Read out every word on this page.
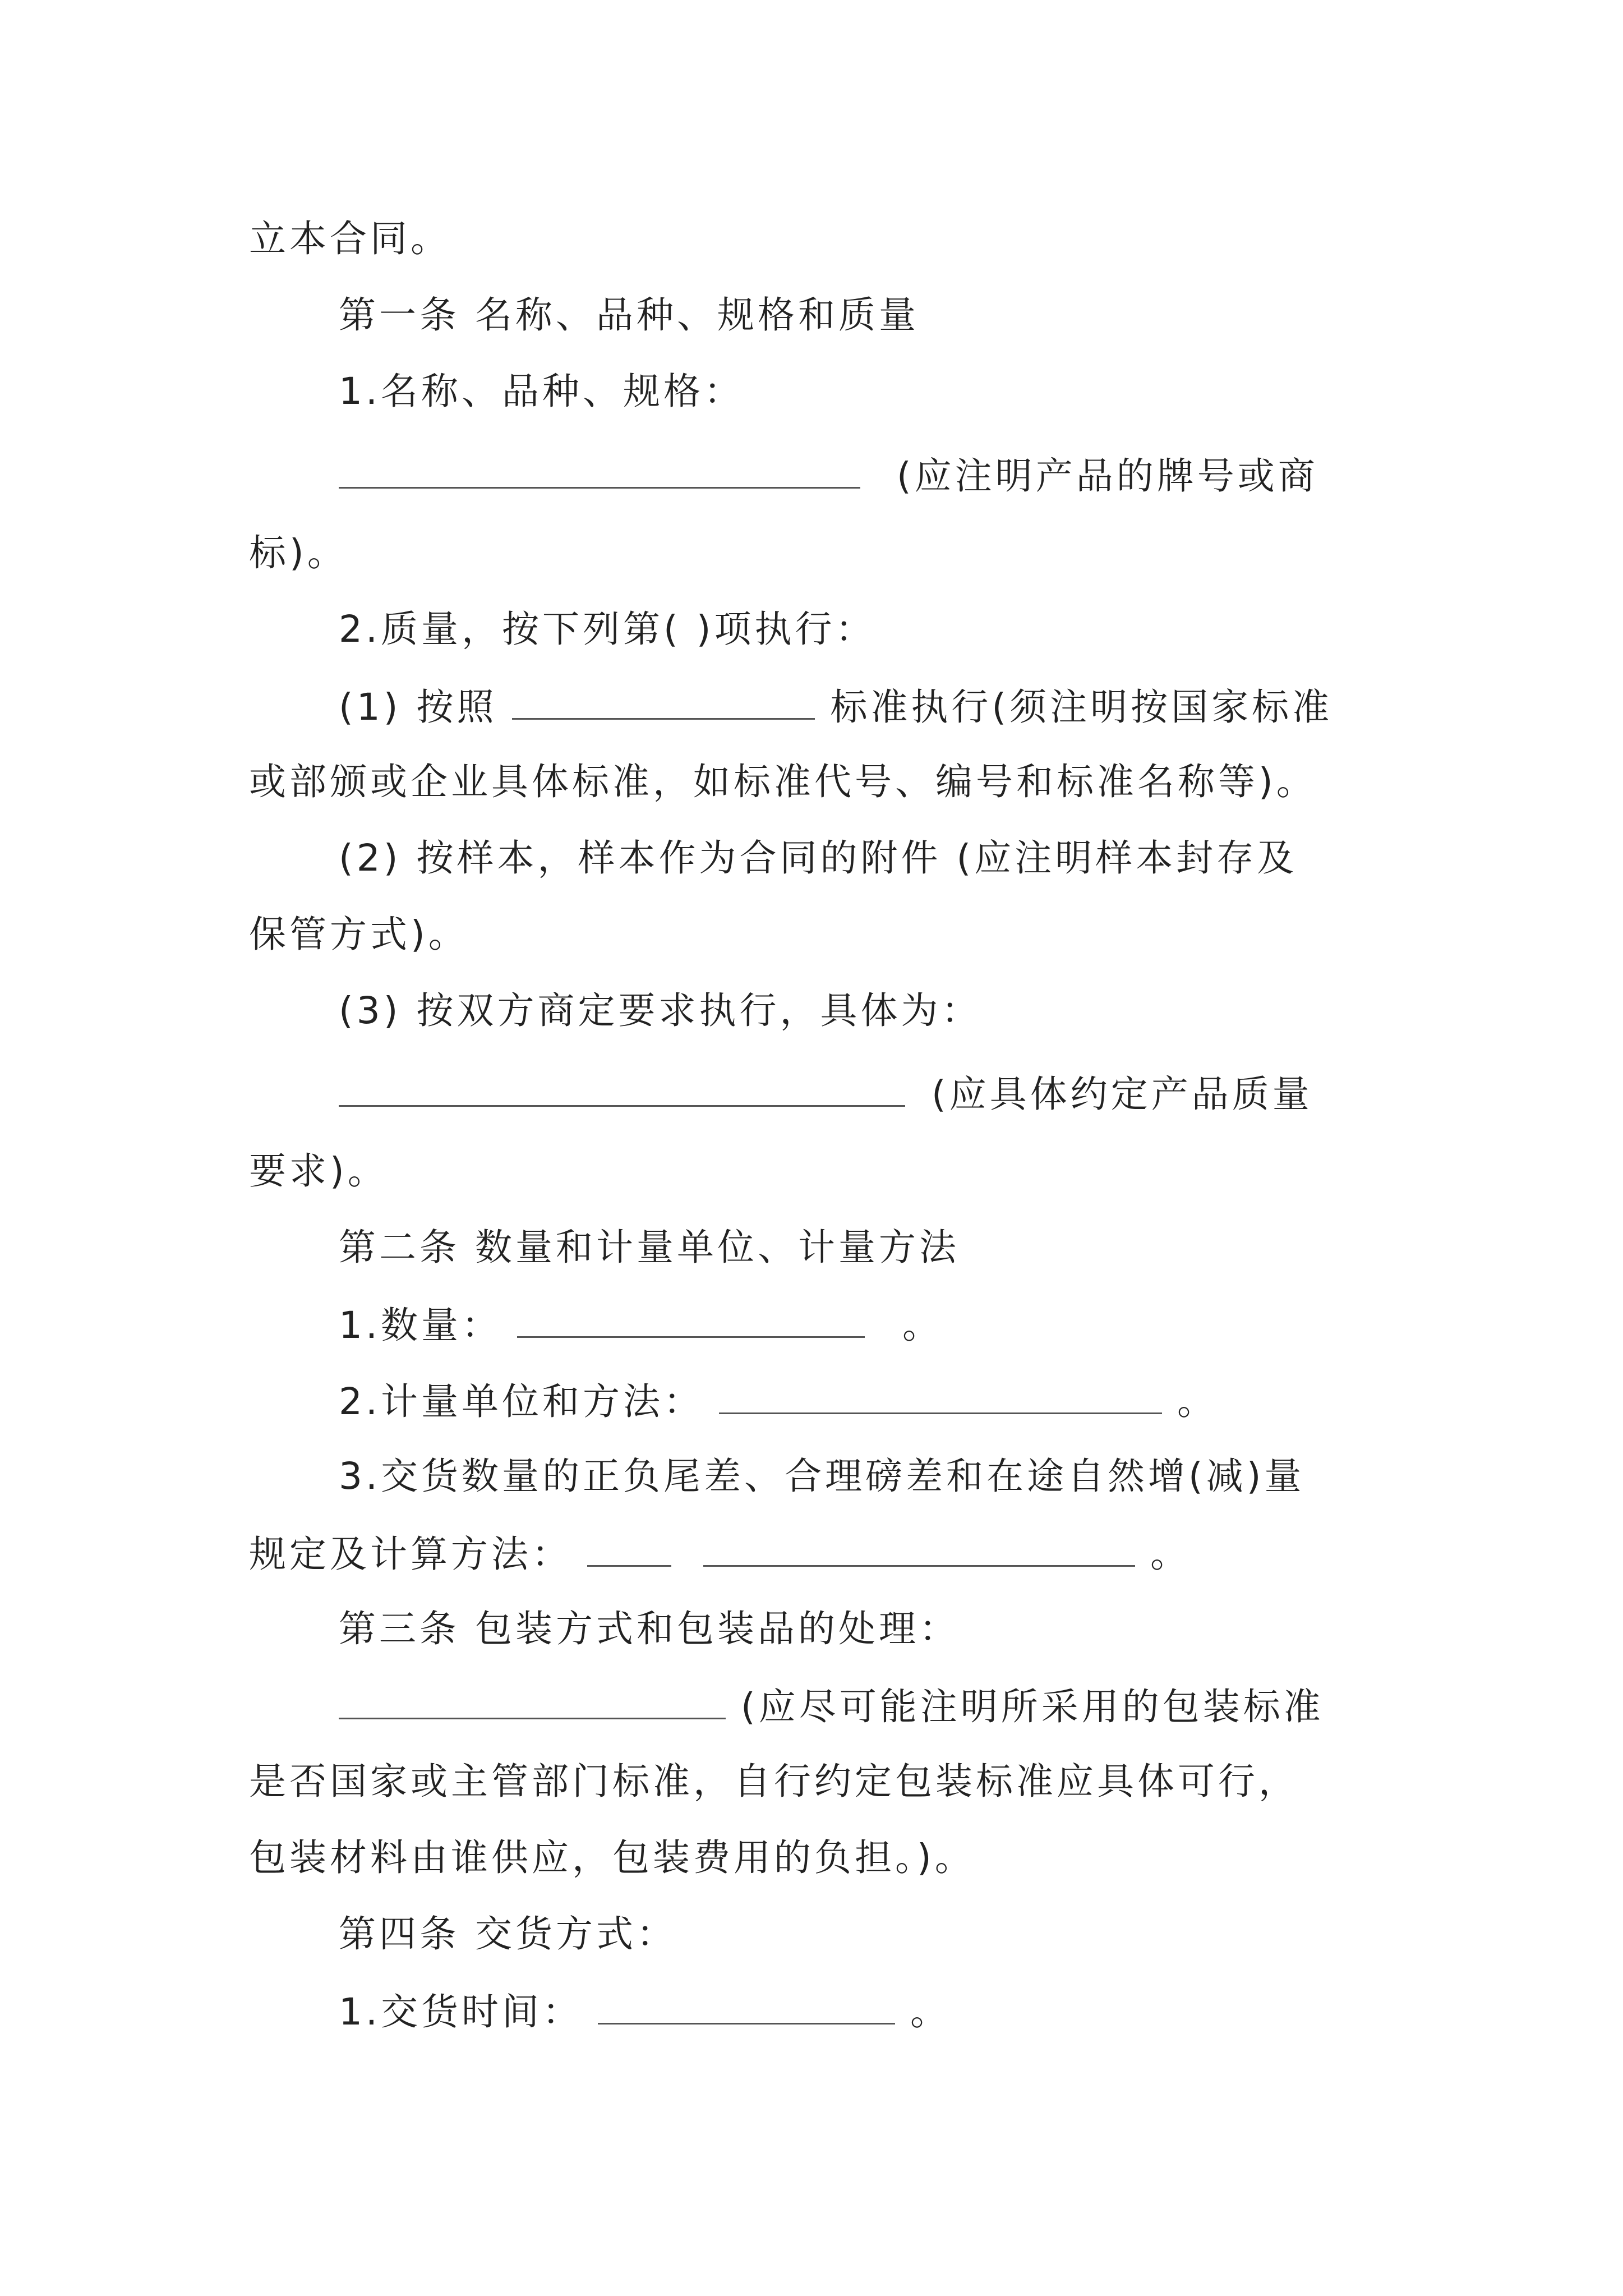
立本合同。
第一条 名称、品种、规格和质量
1.名称、品种、规格：
(应注明产品的牌号或商
标)。
2.质量，按下列第( )项执行：
(1) 按照	标准执行(须注明按国家标准
或部颁或企业具体标准，如标准代号、编号和标准名称等)。
(2) 按样本，样本作为合同的附件 (应注明样本封存及
保管方式)。
(3) 按双方商定要求执行，具体为：
(应具体约定产品质量
要求)。
第二条 数量和计量单位、计量方法
1.数量：	。
2.计量单位和方法：	。
3.交货数量的正负尾差、合理磅差和在途自然增(减)量
规定及计算方法：	。
第三条 包装方式和包装品的处理：
(应尽可能注明所采用的包装标准
是否国家或主管部门标准，自行约定包装标准应具体可行，
包装材料由谁供应，包装费用的负担。)。
第四条 交货方式：
1.交货时间：	。
